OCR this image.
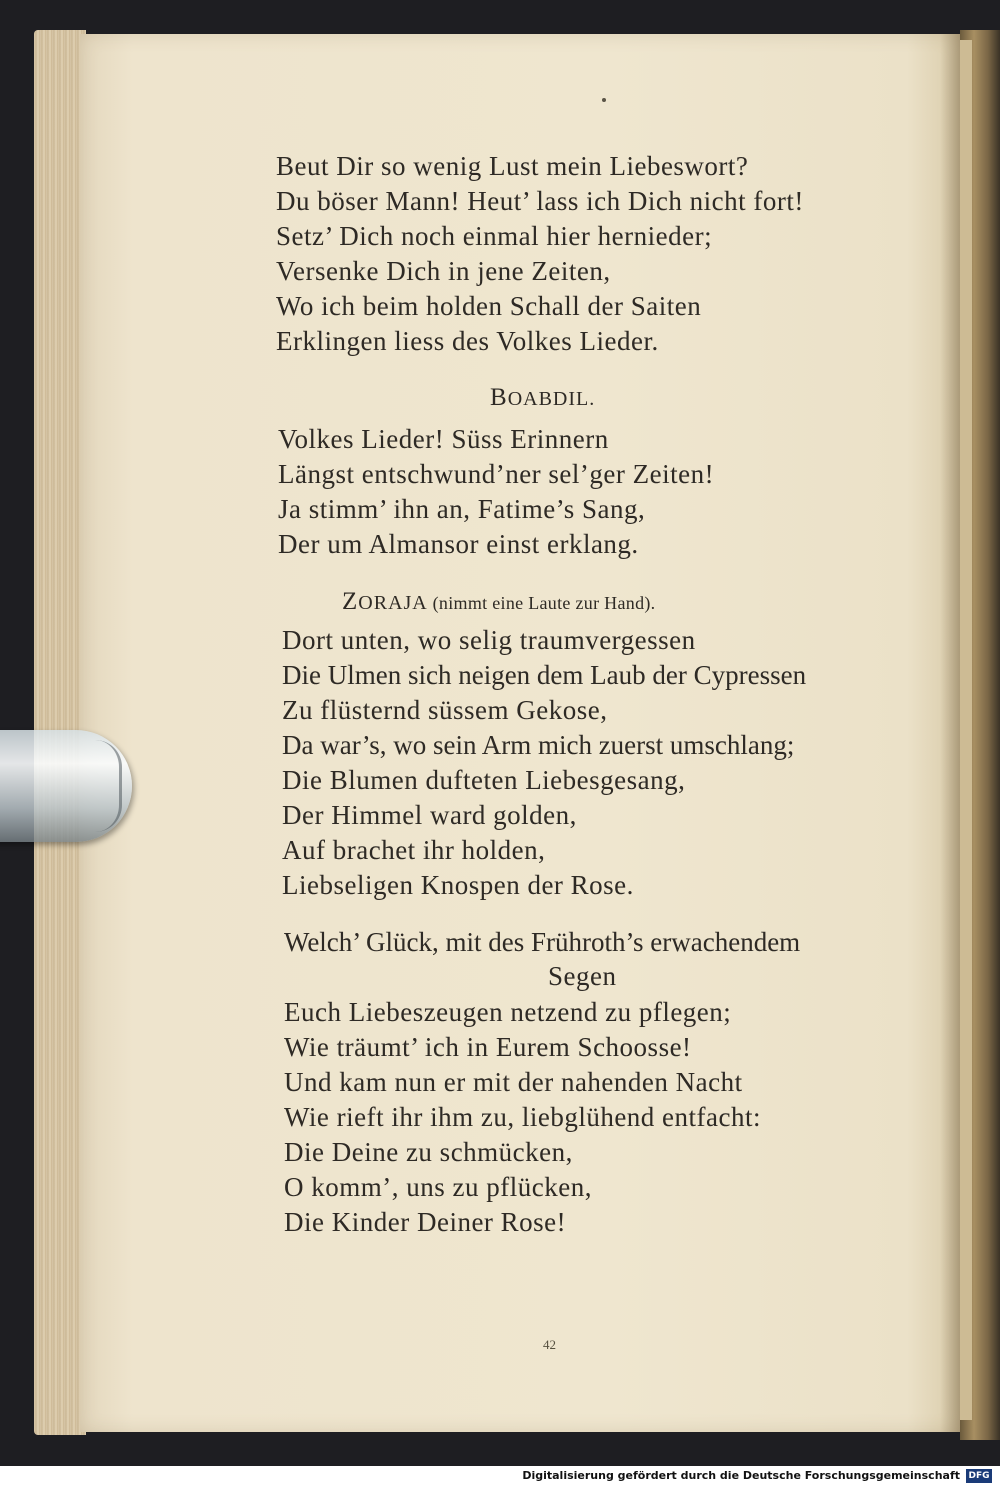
Beut Dir so wenig Lust mein Liebeswort?
Du böser Mann! Heut’ lass ich Dich nicht fort!
Setz’ Dich noch einmal hier hernieder;
Versenke Dich in jene Zeiten,
Wo ich beim holden Schall der Saiten
Erklingen liess des Volkes Lieder.
BOABDIL.
Volkes Lieder! Süss Erinnern
Längst entschwund’ner sel’ger Zeiten!
Ja stimm’ ihn an, Fatime’s Sang,
Der um Almansor einst erklang.
ZORAJA (nimmt eine Laute zur Hand).
Dort unten, wo selig traumvergessen
Die Ulmen sich neigen dem Laub der Cypressen
Zu flüsternd süssem Gekose,
Da war’s, wo sein Arm mich zuerst umschlang;
Die Blumen dufteten Liebesgesang,
Der Himmel ward golden,
Auf brachet ihr holden,
Liebseligen Knospen der Rose.
Welch’ Glück, mit des Frühroth’s erwachendem
Segen
Euch Liebeszeugen netzend zu pflegen;
Wie träumt’ ich in Eurem Schoosse!
Und kam nun er mit der nahenden Nacht
Wie rieft ihr ihm zu, liebglühend entfacht:
Die Deine zu schmücken,
O komm’, uns zu pflücken,
Die Kinder Deiner Rose!
42
Digitalisierung gefördert durch die Deutsche Forschungsgemeinschaft DFG
